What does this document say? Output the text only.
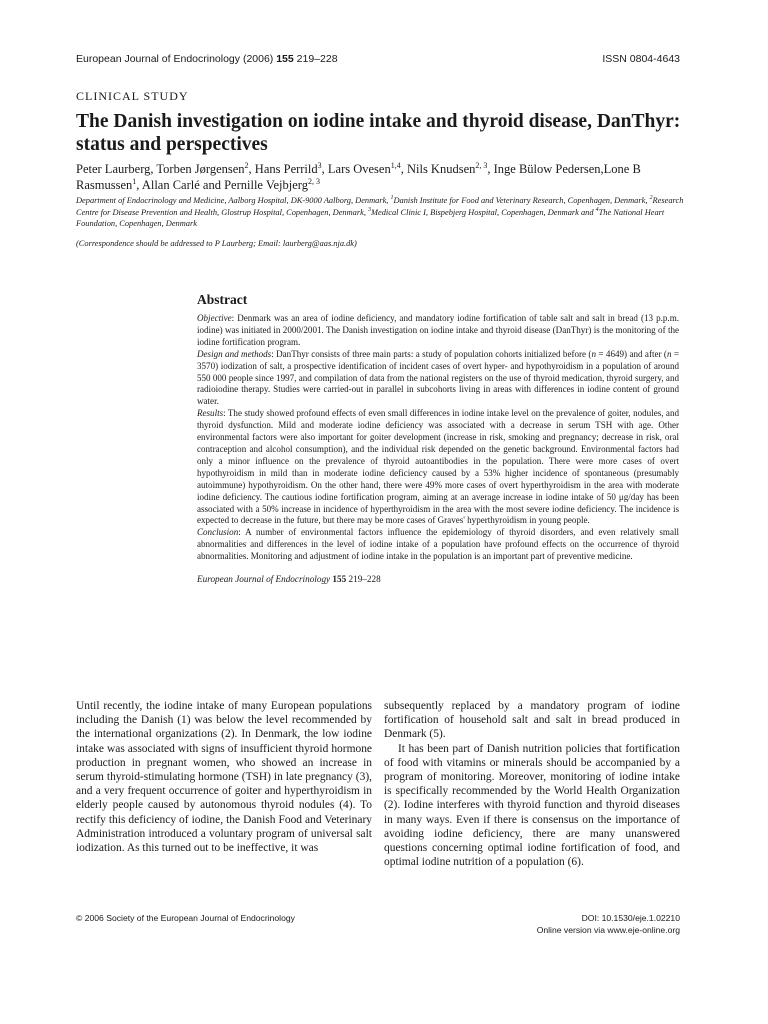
European Journal of Endocrinology (2006) 155 219–228	ISSN 0804-4643
CLINICAL STUDY
The Danish investigation on iodine intake and thyroid disease, DanThyr: status and perspectives
Peter Laurberg, Torben Jørgensen$^2$, Hans Perrild$^3$, Lars Ovesen$^{1,4}$, Nils Knudsen$^{2, 3}$, Inge Bülow Pedersen,Lone B Rasmussen$^1$, Allan Carlé and Pernille Vejbjerg$^{2, 3}$
Department of Endocrinology and Medicine, Aalborg Hospital, DK-9000 Aalborg, Denmark, $^1$Danish Institute for Food and Veterinary Research, Copenhagen, Denmark, $^2$Research Centre for Disease Prevention and Health, Glostrup Hospital, Copenhagen, Denmark, $^3$Medical Clinic I, Bispebjerg Hospital, Copenhagen, Denmark and $^4$The National Heart Foundation, Copenhagen, Denmark
(Correspondence should be addressed to P Laurberg; Email: laurberg@aas.nja.dk)
Abstract

Objective: Denmark was an area of iodine deficiency, and mandatory iodine fortification of table salt and salt in bread (13 p.p.m. iodine) was initiated in 2000/2001. The Danish investigation on iodine intake and thyroid disease (DanThyr) is the monitoring of the iodine fortification program.

Design and methods: DanThyr consists of three main parts: a study of population cohorts initialized before (n = 4649) and after (n = 3570) iodization of salt, a prospective identification of incident cases of overt hyper- and hypothyroidism in a population of around 550 000 people since 1997, and compilation of data from the national registers on the use of thyroid medication, thyroid surgery, and radioiodine therapy. Studies were carried-out in parallel in subcohorts living in areas with differences in iodine content of ground water.

Results: The study showed profound effects of even small differences in iodine intake level on the prevalence of goiter, nodules, and thyroid dysfunction. Mild and moderate iodine deficiency was associated with a decrease in serum TSH with age. Other environmental factors were also important for goiter development (increase in risk, smoking and pregnancy; decrease in risk, oral contraception and alcohol consumption), and the individual risk depended on the genetic background. Environmental factors had only a minor influence on the prevalence of thyroid autoantibodies in the population. There were more cases of overt hypothyroidism in mild than in moderate iodine deficiency caused by a 53% higher incidence of spontaneous (presumably autoimmune) hypothyroidism. On the other hand, there were 49% more cases of overt hyperthyroidism in the area with moderate iodine deficiency. The cautious iodine fortification program, aiming at an average increase in iodine intake of 50 μg/day has been associated with a 50% increase in incidence of hyperthyroidism in the area with the most severe iodine deficiency. The incidence is expected to decrease in the future, but there may be more cases of Graves' hyperthyroidism in young people.

Conclusion: A number of environmental factors influence the epidemiology of thyroid disorders, and even relatively small abnormalities and differences in the level of iodine intake of a population have profound effects on the occurrence of thyroid abnormalities. Monitoring and adjustment of iodine intake in the population is an important part of preventive medicine.

European Journal of Endocrinology 155 219–228

Until recently, the iodine intake of many European populations including the Danish (1) was below the level recommended by the international organizations (2). In Denmark, the low iodine intake was associated with signs of insufficient thyroid hormone production in pregnant women, who showed an increase in serum thyroid-stimulating hormone (TSH) in late pregnancy (3), and a very frequent occurrence of goiter and hyperthyroidism in elderly people caused by autonomous thyroid nodules (4). To rectify this deficiency of iodine, the Danish Food and Veterinary Administration introduced a voluntary program of universal salt iodization. As this turned out to be ineffective, it was

subsequently replaced by a mandatory program of iodine fortification of household salt and salt in bread produced in Denmark (5).

It has been part of Danish nutrition policies that fortification of food with vitamins or minerals should be accompanied by a program of monitoring. Moreover, monitoring of iodine intake is specifically recommended by the World Health Organization (2). Iodine interferes with thyroid function and thyroid diseases in many ways. Even if there is consensus on the importance of avoiding iodine deficiency, there are many unanswered questions concerning optimal iodine fortification of food, and optimal iodine nutrition of a population (6).

© 2006 Society of the European Journal of Endocrinology	DOI: 10.1530/eje.1.02210
Online version via www.eje-online.org
